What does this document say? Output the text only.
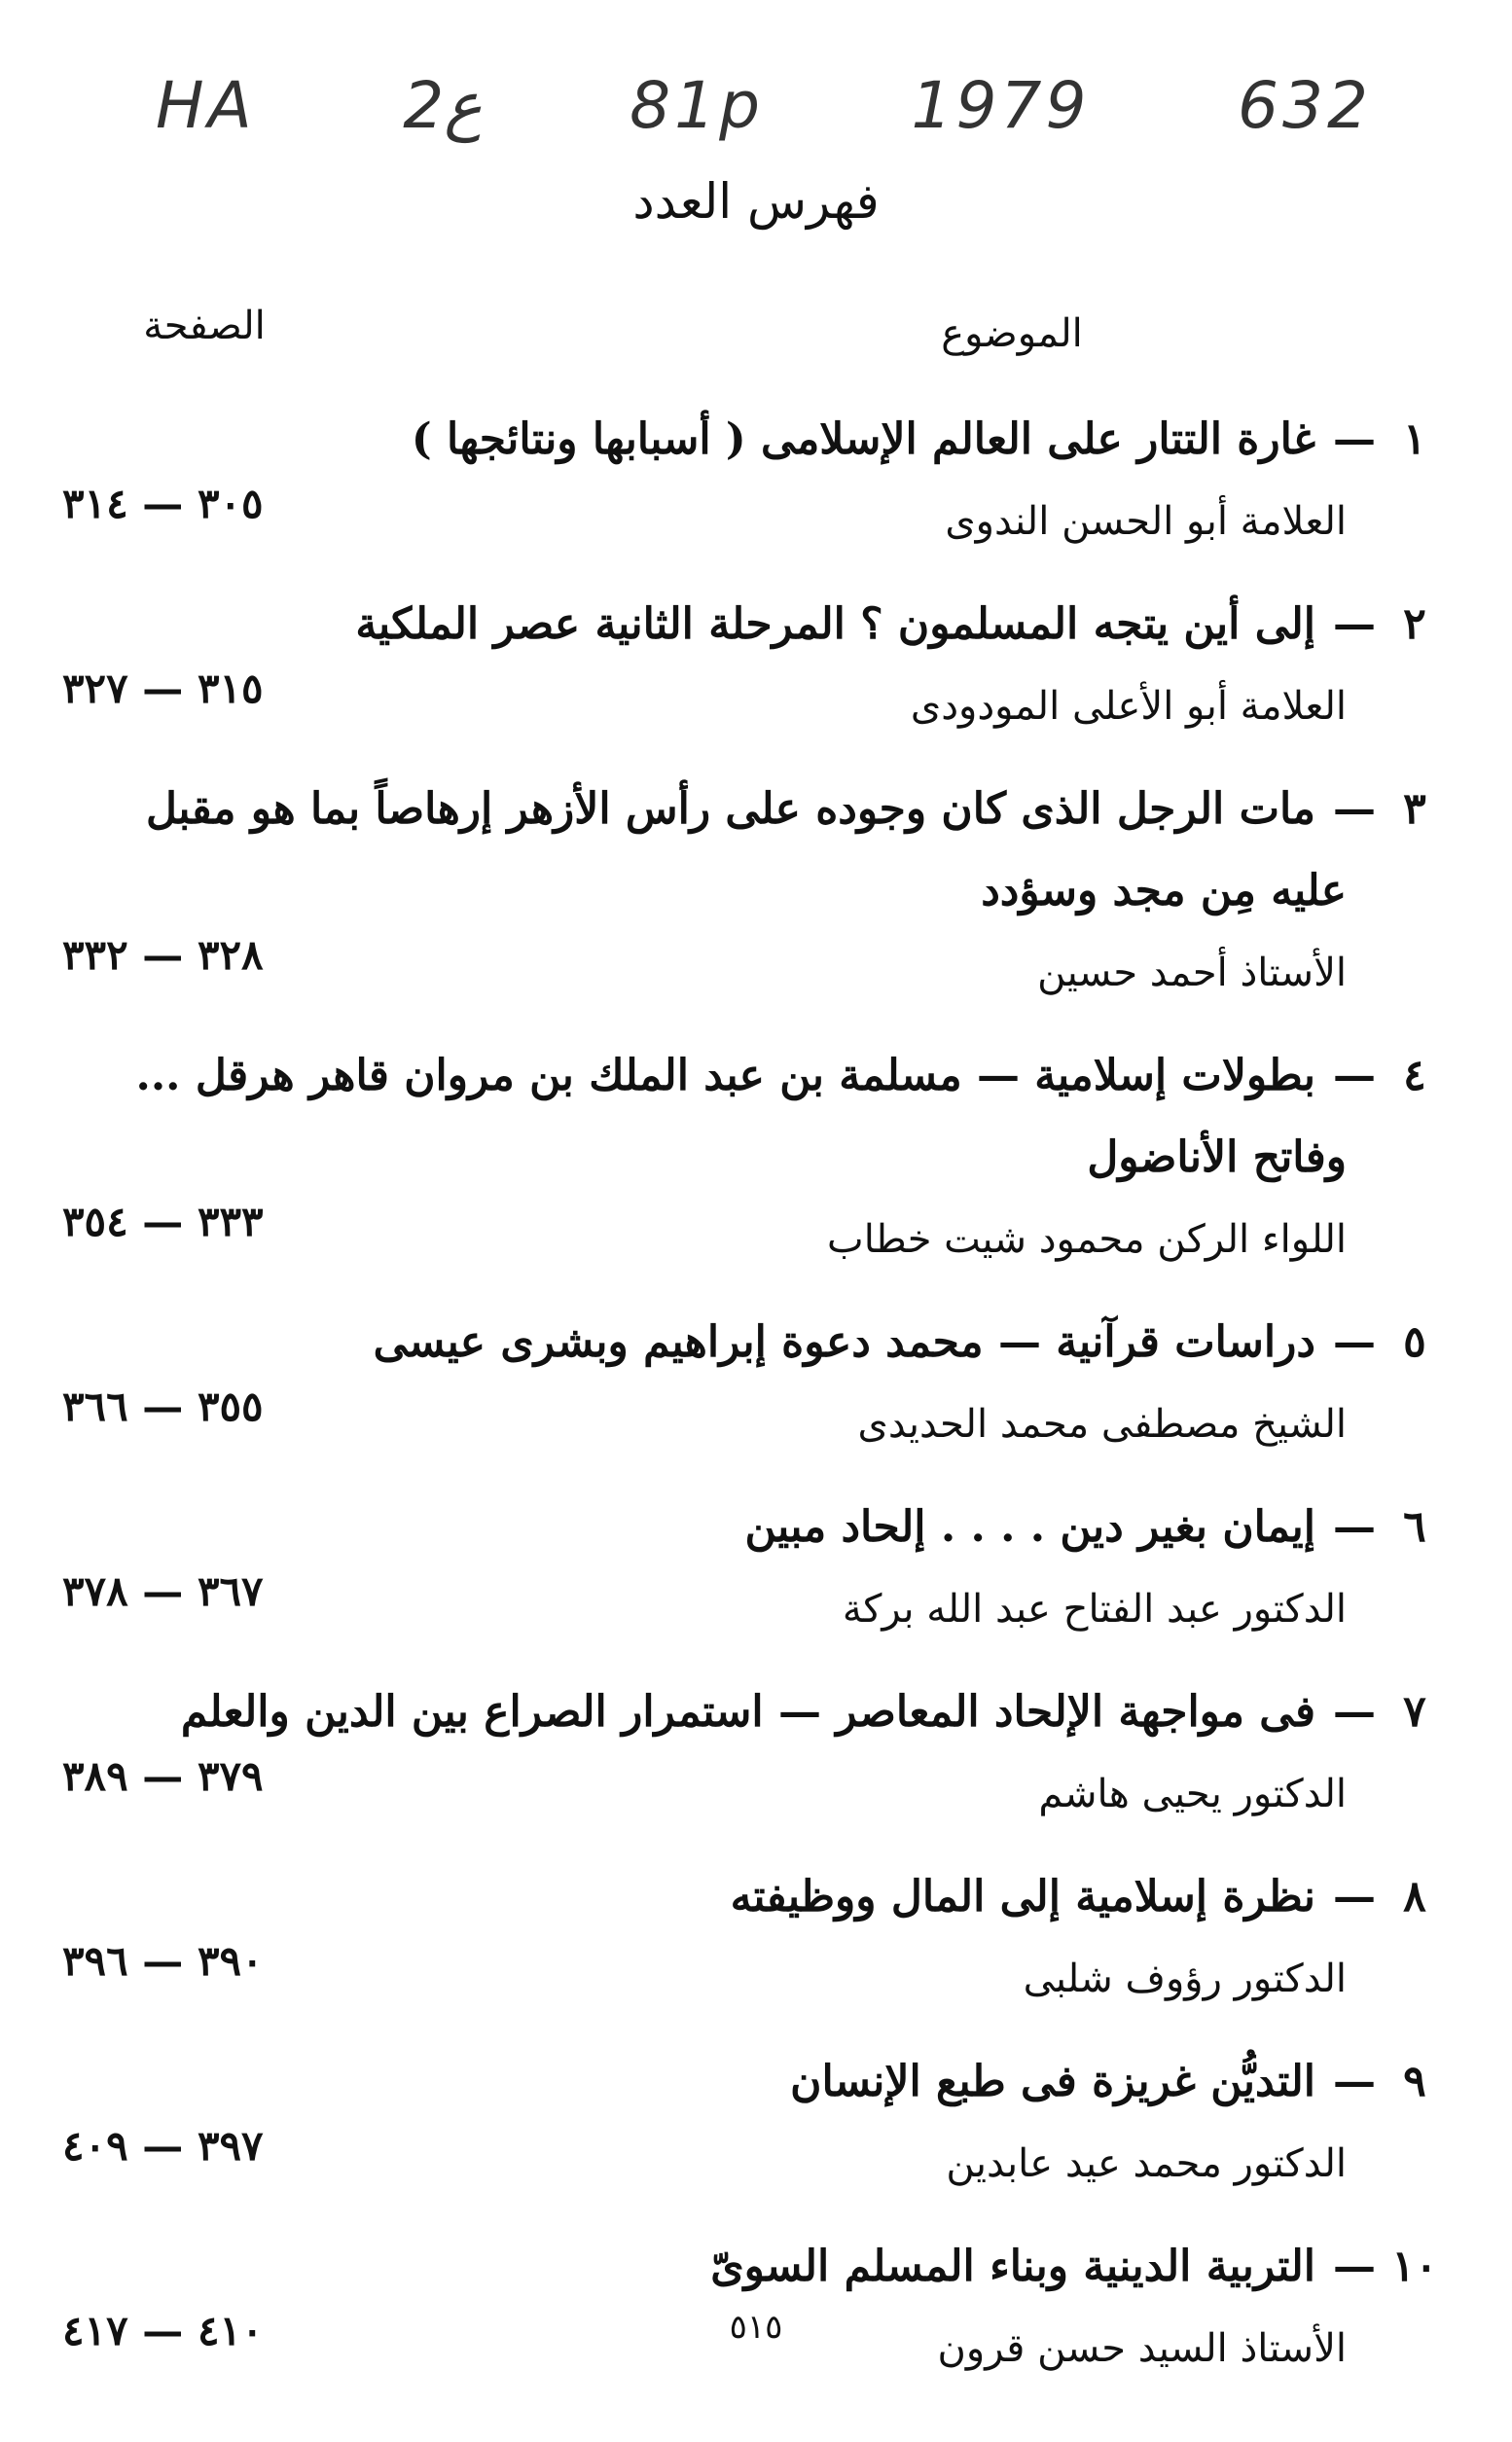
HA 2ع 81p 1979 632
فهرس العدد
الموضوع
الصفحة
١
—
غارة التتار على العالم الإسلامى ( أسبابها ونتائجها )
العلامة أبو الحسن الندوى
٣٠٥ — ٣١٤
٢
—
إلى أين يتجه المسلمون ؟ المرحلة الثانية عصر الملكية
العلامة أبو الأعلى المودودى
٣١٥ — ٣٢٧
٣
—
مات الرجل الذى كان وجوده على رأس الأزهر إرهاصاً بما هو مقبل
عليه مِن مجد وسؤدد
الأستاذ أحمد حسين
٣٢٨ — ٣٣٢
٤
—
بطولات إسلامية — مسلمة بن عبد الملك بن مروان قاهر هرقل ...
وفاتح الأناضول
اللواء الركن محمود شيت خطاب
٣٣٣ — ٣٥٤
٥
—
دراسات قرآنية — محمد دعوة إبراهيم وبشرى عيسى
الشيخ مصطفى محمد الحديدى
٣٥٥ — ٣٦٦
٦
—
إيمان بغير دين . . . . إلحاد مبين
الدكتور عبد الفتاح عبد الله بركة
٣٦٧ — ٣٧٨
٧
—
فى مواجهة الإلحاد المعاصر — استمرار الصراع بين الدين والعلم
الدكتور يحيى هاشم
٣٧٩ — ٣٨٩
٨
—
نظرة إسلامية إلى المال ووظيفته
الدكتور رؤوف شلبى
٣٩٠ — ٣٩٦
٩
—
التديُّن غريزة فى طبع الإنسان
الدكتور محمد عيد عابدين
٣٩٧ — ٤٠٩
١٠
—
التربية الدينية وبناء المسلم السوىّ
الأستاذ السيد حسن قرون
٤١٠ — ٤١٧	٥١٥
